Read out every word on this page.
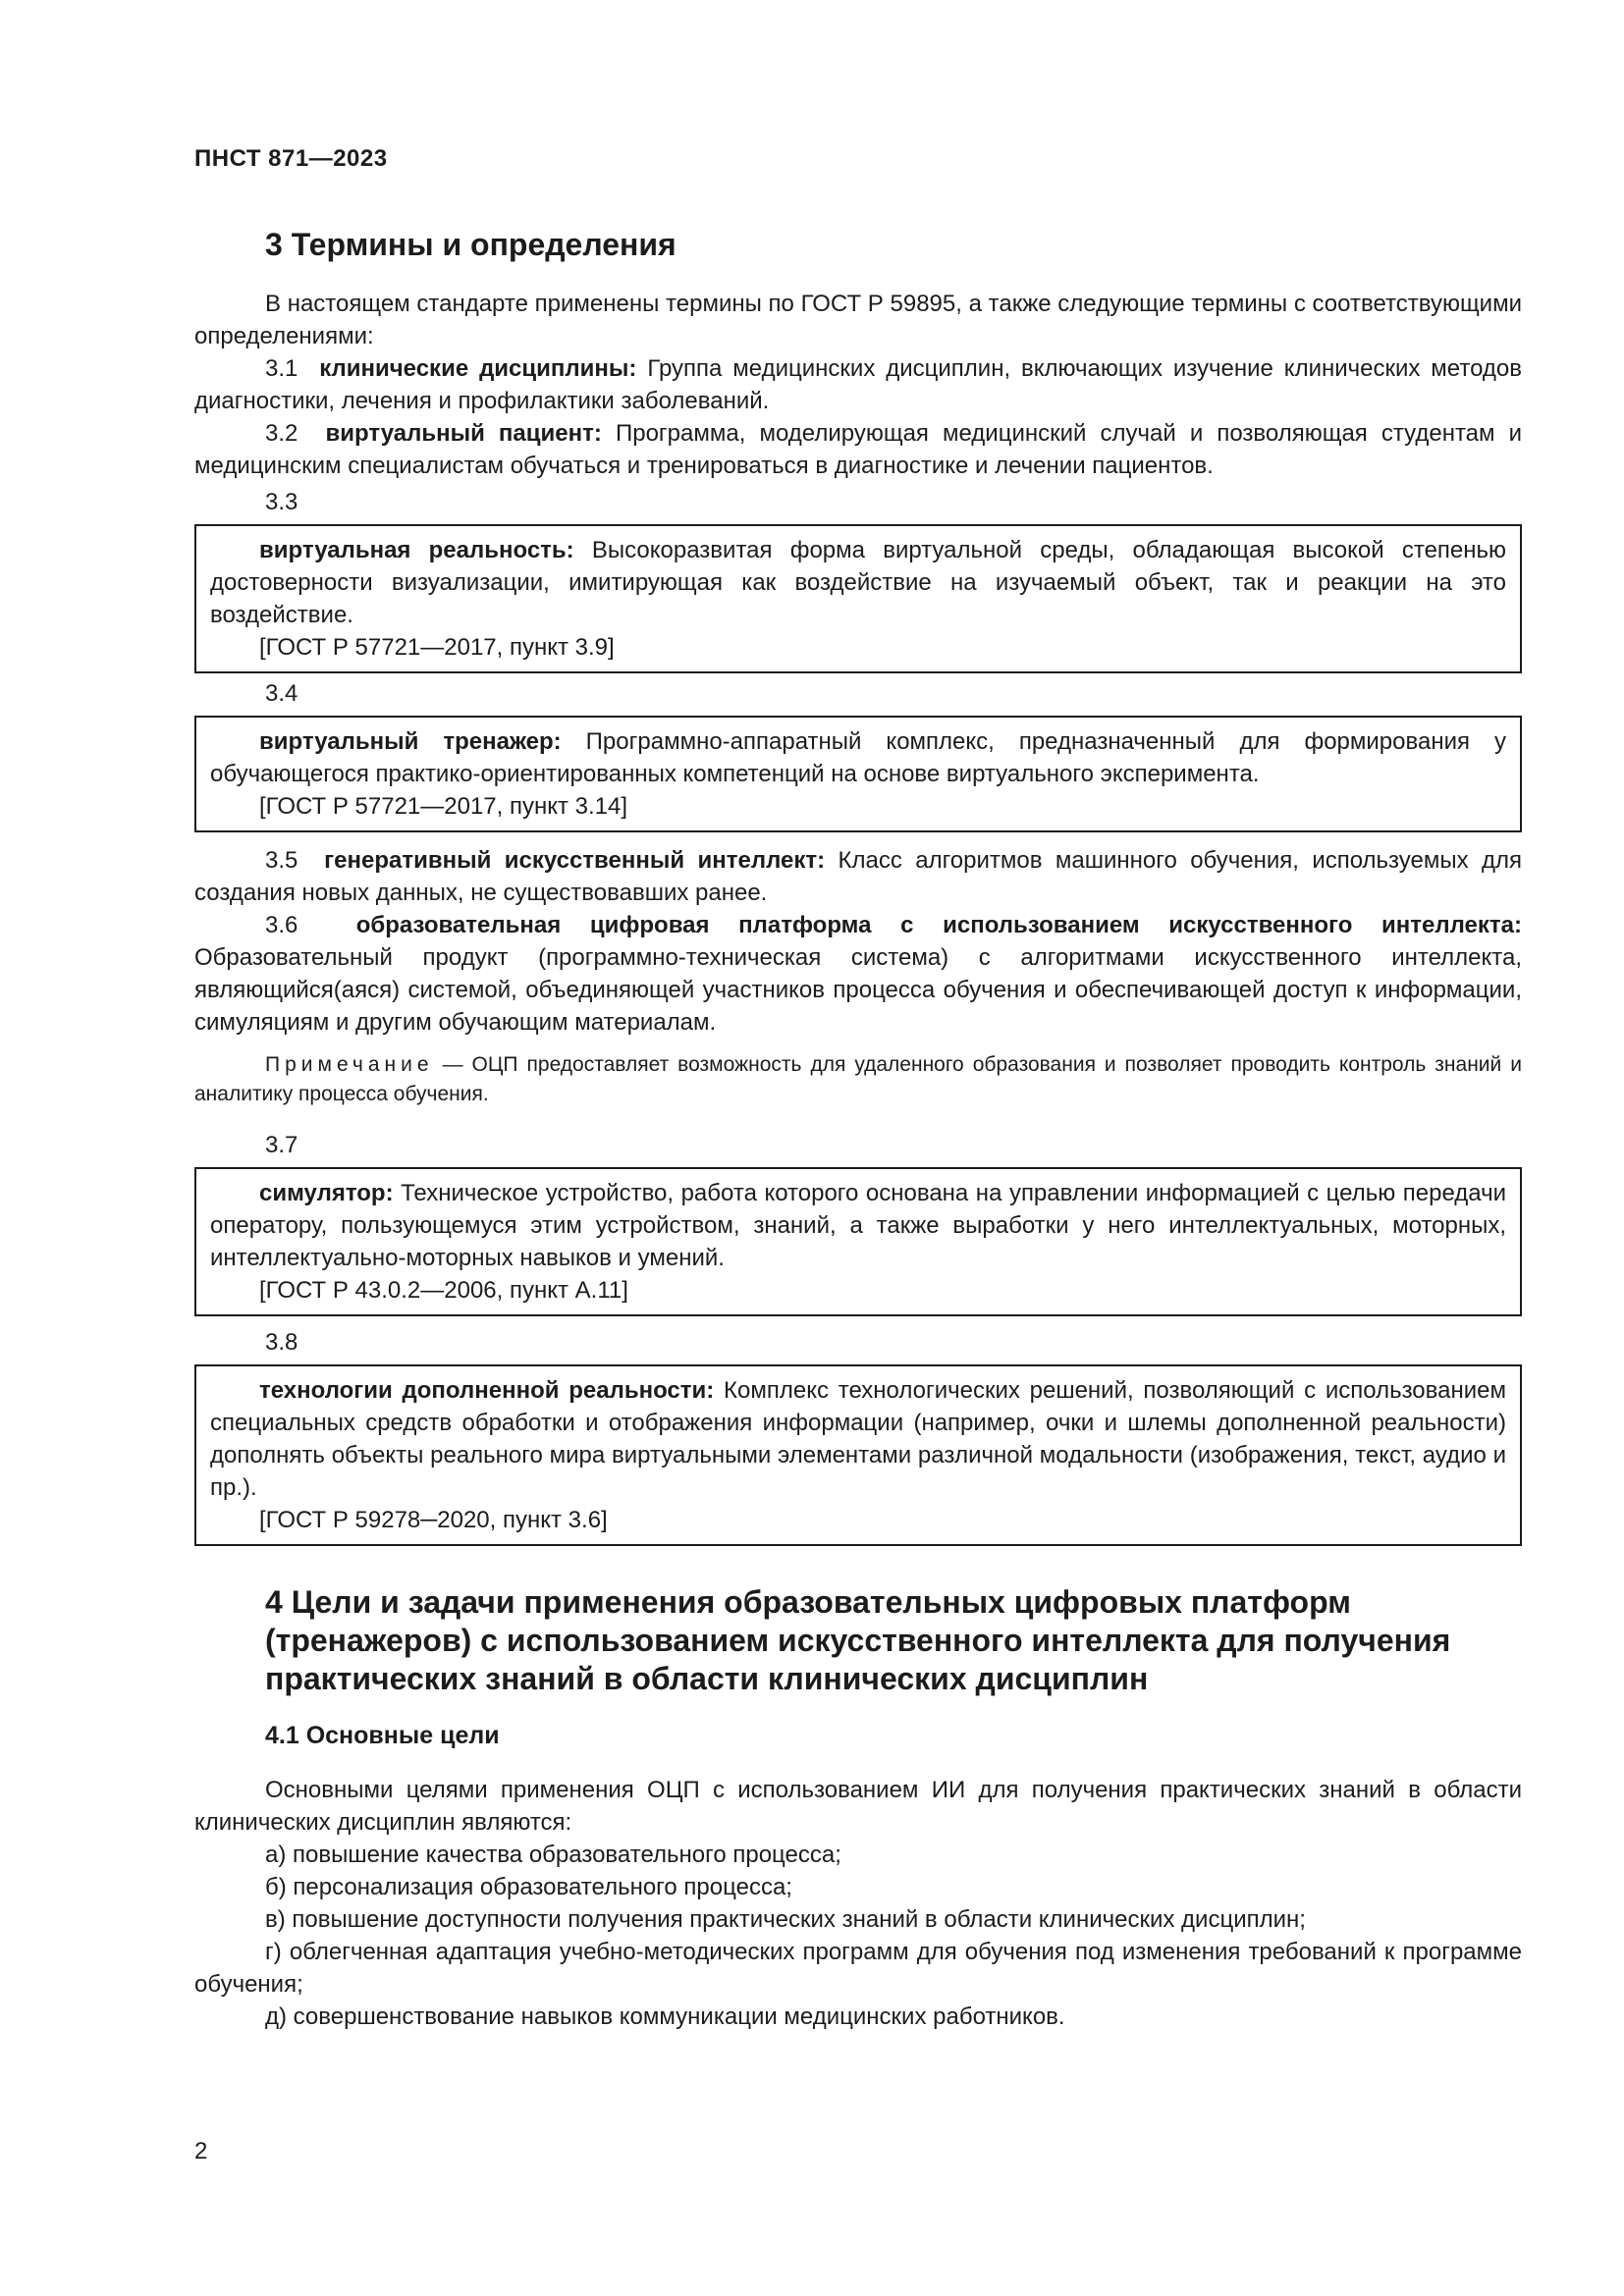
2
ПНСТ 871—2023
3 Термины и определения

В настоящем стандарте применены термины по ГОСТ Р 59895, а также следующие термины с соответствующими определениями:

3.1 клинические дисциплины: Группа медицинских дисциплин, включающих изучение клинических методов диагностики, лечения и профилактики заболеваний.

3.2 виртуальный пациент: Программа, моделирующая медицинский случай и позволяющая студентам и медицинским специалистам обучаться и тренироваться в диагностике и лечении пациентов.

3.3

виртуальная реальность: Высокоразвитая форма виртуальной среды, обладающая высокой степенью достоверности визуализации, имитирующая как воздействие на изучаемый объект, так и реакции на это воздействие.

[ГОСТ Р 57721—2017, пункт 3.9]

3.4

виртуальный тренажер: Программно-аппаратный комплекс, предназначенный для формирования у обучающегося практико-ориентированных компетенций на основе виртуального эксперимента.

[ГОСТ Р 57721—2017, пункт 3.14]

3.5 генеративный искусственный интеллект: Класс алгоритмов машинного обучения, используемых для создания новых данных, не существовавших ранее.

3.6 образовательная цифровая платформа с использованием искусственного интеллекта: Образовательный продукт (программно-техническая система) с алгоритмами искусственного интеллекта, являющийся(аяся) системой, объединяющей участников процесса обучения и обеспечивающей доступ к информации, симуляциям и другим обучающим материалам.

Примечание — ОЦП предоставляет возможность для удаленного образования и позволяет проводить контроль знаний и аналитику процесса обучения.

3.7

симулятор: Техническое устройство, работа которого основана на управлении информацией с целью передачи оператору, пользующемуся этим устройством, знаний, а также выработки у него интеллектуальных, моторных, интеллектуально-моторных навыков и умений.

[ГОСТ Р 43.0.2—2006, пункт А.11]

3.8

технологии дополненной реальности: Комплекс технологических решений, позволяющий с использованием специальных средств обработки и отображения информации (например, очки и шлемы дополненной реальности) дополнять объекты реального мира виртуальными элементами различной модальности (изображения, текст, аудио и пр.).

[ГОСТ Р 59278─2020, пункт 3.6]

4 Цели и задачи применения образовательных цифровых платформ (тренажеров) с использованием искусственного интеллекта для получения практических знаний в области клинических дисциплин
4.1 Основные цели

Основными целями применения ОЦП с использованием ИИ для получения практических знаний в области клинических дисциплин являются:

а) повышение качества образовательного процесса;

б) персонализация образовательного процесса;

в) повышение доступности получения практических знаний в области клинических дисциплин;

г) облегченная адаптация учебно-методических программ для обучения под изменения требований к программе обучения;

д) совершенствование навыков коммуникации медицинских работников.
